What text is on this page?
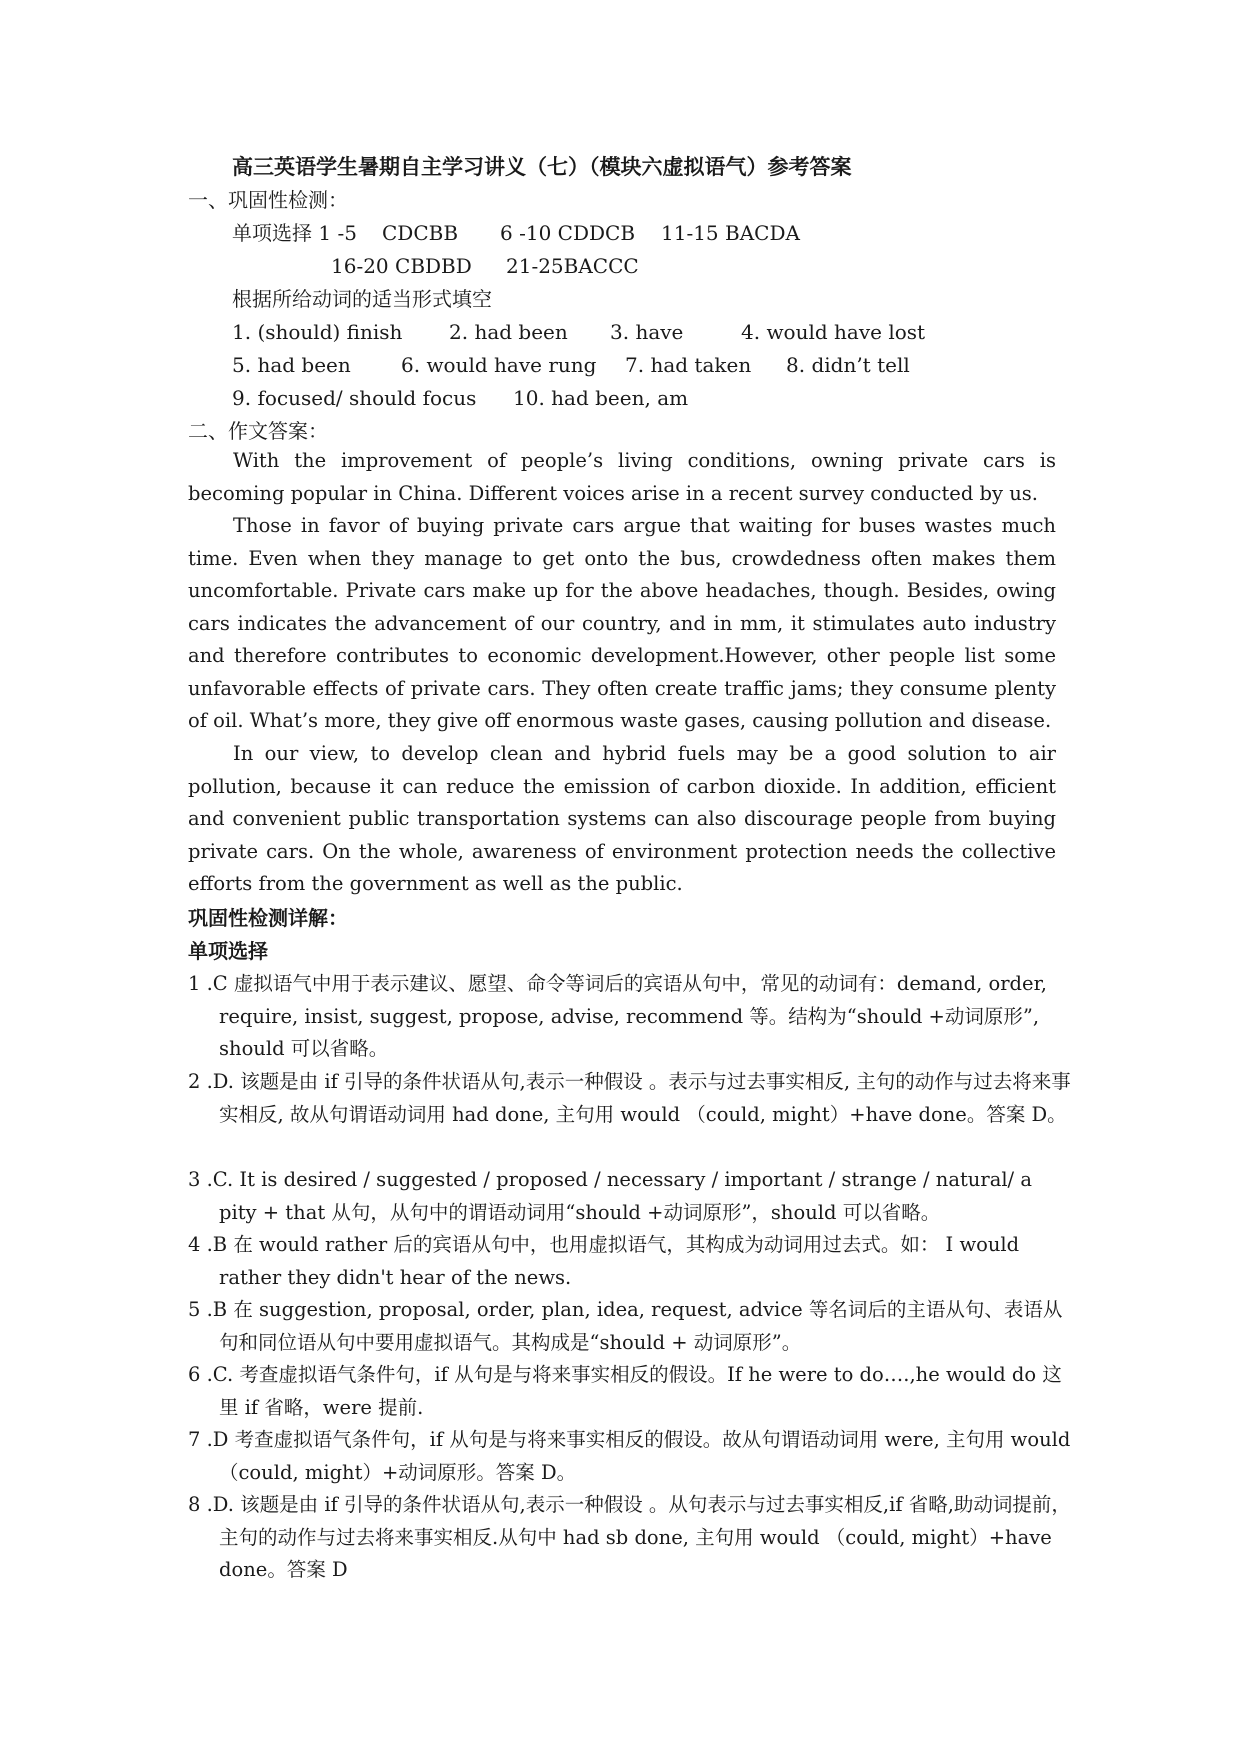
高三英语学生暑期自主学习讲义（七）（模块六虚拟语气）参考答案
一、巩固性检测：
单项选择 1 -5 CDCBB 6 -10 CDDCB 11-15 BACDA
16-20 CBDBD 21-25BACCC
根据所给动词的适当形式填空
1. (should) finish 2. had been 3. have	4. would have lost
5. had been	6. would have rung 7. had taken 8. didn’t tell
9. focused/ should focus 10. had been, am
二、作文答案：
With the improvement of people’s living conditions, owning private cars is becoming popular in China. Different voices arise in a recent survey conducted by us.
Those in favor of buying private cars argue that waiting for buses wastes much time. Even when they manage to get onto the bus, crowdedness often makes them uncomfortable. Private cars make up for the above headaches, though. Besides, owing cars indicates the advancement of our country, and in mm, it stimulates auto industry and therefore contributes to economic development.However, other people list some unfavorable effects of private cars. They often create traffic jams; they consume plenty of oil. What’s more, they give off enormous waste gases, causing pollution and disease.
In our view, to develop clean and hybrid fuels may be a good solution to air pollution, because it can reduce the emission of carbon dioxide. In addition, efficient and convenient public transportation systems can also discourage people from buying private cars. On the whole, awareness of environment protection needs the collective efforts from the government as well as the public.
巩固性检测详解：
单项选择
1 .C 虚拟语气中用于表示建议、愿望、命令等词后的宾语从句中，常见的动词有：demand, order, require, insist, suggest, propose, advise, recommend 等。结构为“should +动词原形”, should 可以省略。
2 .D. 该题是由 if 引导的条件状语从句,表示一种假设 。表示与过去事实相反, 主句的动作与过去将来事实相反, 故从句谓语动词用 had done, 主句用 would （could, might）+have done。答案 D。
3 .C. It is desired / suggested / proposed / necessary / important / strange / natural/ a pity + that 从句，从句中的谓语动词用“should +动词原形”，should 可以省略。
4 .B 在 would rather 后的宾语从句中，也用虚拟语气，其构成为动词用过去式。如： I would rather they didn't hear of the news.
5 .B 在 suggestion, proposal, order, plan, idea, request, advice 等名词后的主语从句、表语从句和同位语从句中要用虚拟语气。其构成是“should + 动词原形”。
6 .C. 考查虚拟语气条件句，if 从句是与将来事实相反的假设。If he were to do….,he would do 这里 if 省略，were 提前.
7 .D 考查虚拟语气条件句，if 从句是与将来事实相反的假设。故从句谓语动词用 were, 主句用 would （could, might）+动词原形。答案 D。
8 .D. 该题是由 if 引导的条件状语从句,表示一种假设 。从句表示与过去事实相反,if 省略,助动词提前， 主句的动作与过去将来事实相反.从句中 had sb done, 主句用 would （could, might）+have done。答案 D
